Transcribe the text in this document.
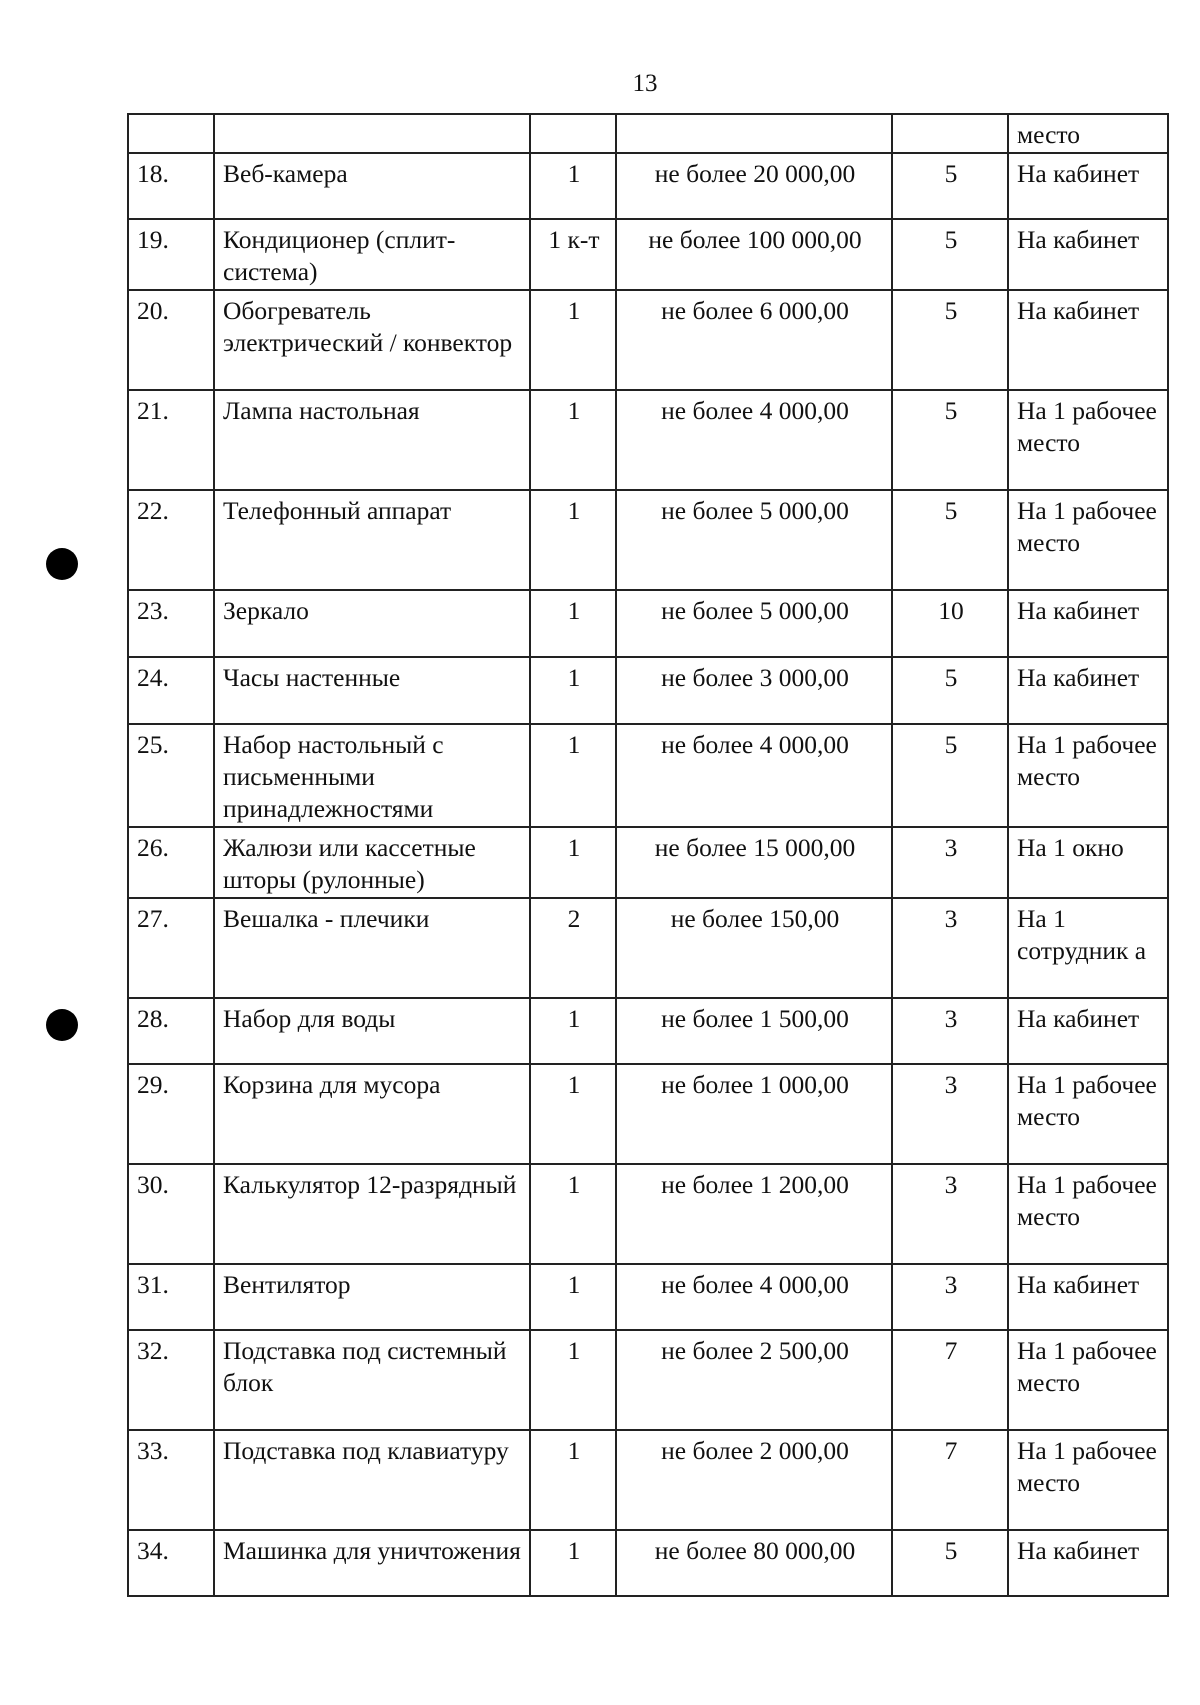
13
					место
18.	Веб-камера	1	не более 20 000,00	5	На кабинет
19.	Кондиционер (сплит-система)	1 к-т	не более 100 000,00	5	На кабинет
20.	Обогреватель электрический / конвектор	1	не более 6 000,00	5	На кабинет
21.	Лампа настольная	1	не более 4 000,00	5	На 1 рабочее место
22.	Телефонный аппарат	1	не более 5 000,00	5	На 1 рабочее место
23.	Зеркало	1	не более 5 000,00	10	На кабинет
24.	Часы настенные	1	не более 3 000,00	5	На кабинет
25.	Набор настольный с письменными принадлежностями	1	не более 4 000,00	5	На 1 рабочее место
26.	Жалюзи или кассетные шторы (рулонные)	1	не более 15 000,00	3	На 1 окно
27.	Вешалка - плечики	2	не более 150,00	3	На 1 сотрудник а
28.	Набор для воды	1	не более 1 500,00	3	На кабинет
29.	Корзина для мусора	1	не более 1 000,00	3	На 1 рабочее место
30.	Калькулятор 12-разрядный	1	не более 1 200,00	3	На 1 рабочее место
31.	Вентилятор	1	не более 4 000,00	3	На кабинет
32.	Подставка под системный блок	1	не более 2 500,00	7	На 1 рабочее место
33.	Подставка под клавиатуру	1	не более 2 000,00	7	На 1 рабочее место
34.	Машинка для уничтожения	1	не более 80 000,00	5	На кабинет
